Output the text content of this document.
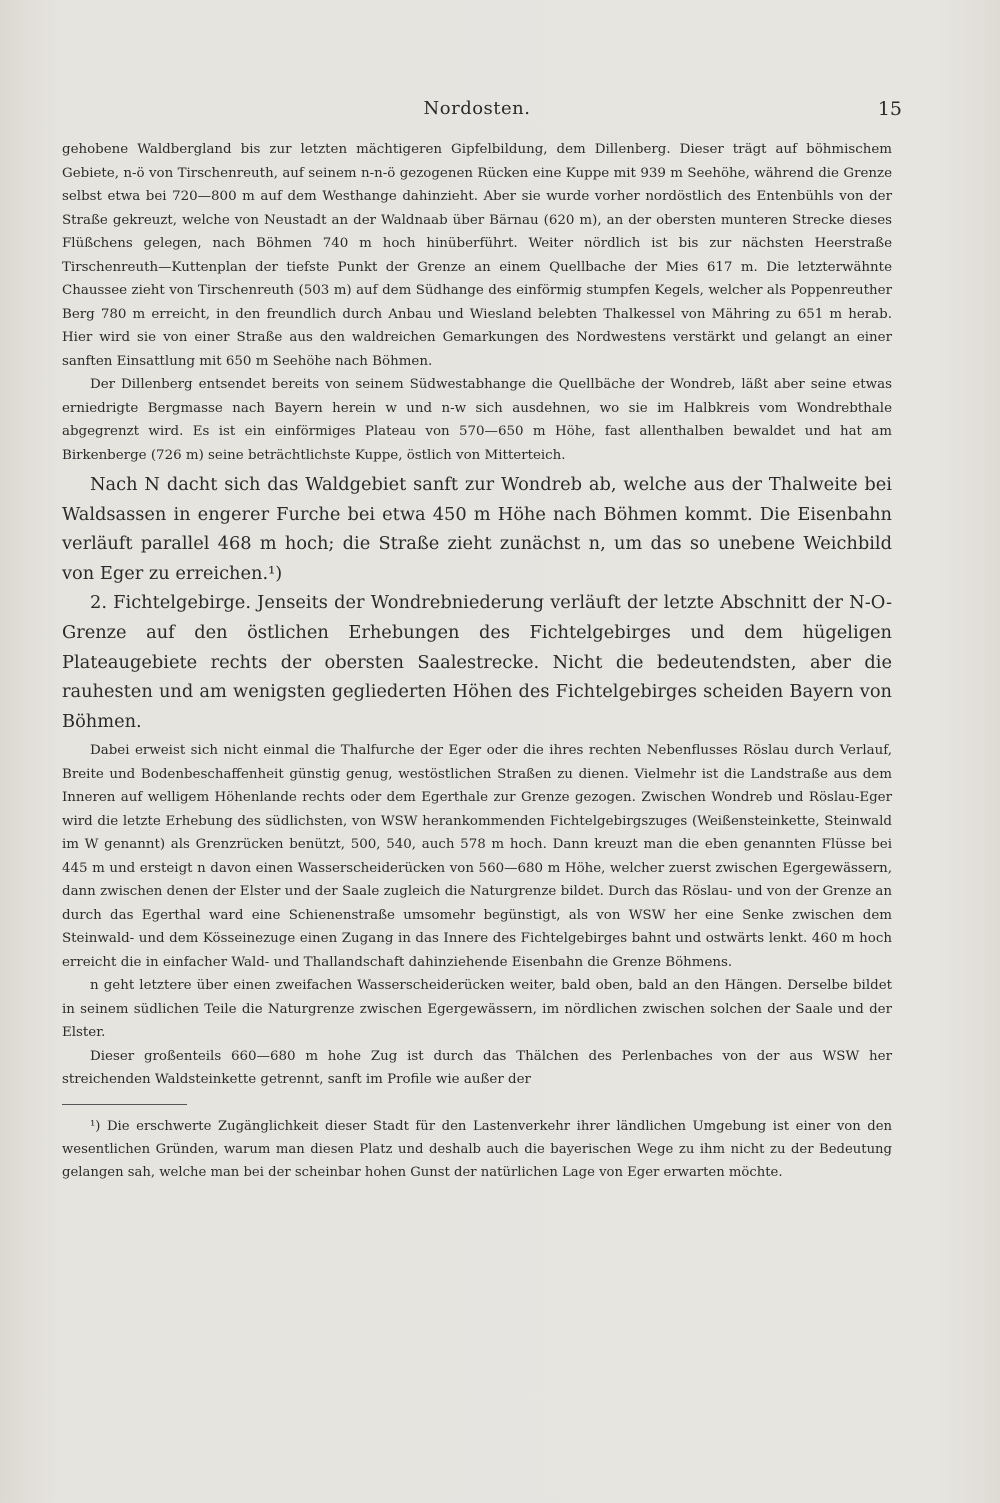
Nordosten.	15

gehobene Waldbergland bis zur letzten mächtigeren Gipfelbildung, dem Dillenberg. Dieser trägt auf böhmischem Gebiete, n-ö von Tirschenreuth, auf seinem n-n-ö gezogenen Rücken eine Kuppe mit 939 m Seehöhe, während die Grenze selbst etwa bei 720—800 m auf dem Westhange dahinzieht. Aber sie wurde vorher nordöstlich des Entenbühls von der Straße gekreuzt, welche von Neustadt an der Waldnaab über Bärnau (620 m), an der obersten munteren Strecke dieses Flüßchens gelegen, nach Böhmen 740 m hoch hinüberführt. Weiter nördlich ist bis zur nächsten Heerstraße Tirschenreuth—Kuttenplan der tiefste Punkt der Grenze an einem Quellbache der Mies 617 m. Die letzterwähnte Chaussee zieht von Tirschenreuth (503 m) auf dem Südhange des einförmig stumpfen Kegels, welcher als Poppenreuther Berg 780 m erreicht, in den freundlich durch Anbau und Wiesland belebten Thalkessel von Mähring zu 651 m herab. Hier wird sie von einer Straße aus den waldreichen Gemarkungen des Nordwestens verstärkt und gelangt an einer sanften Einsattlung mit 650 m Seehöhe nach Böhmen.

Der Dillenberg entsendet bereits von seinem Südwestabhange die Quellbäche der Wondreb, läßt aber seine etwas erniedrigte Bergmasse nach Bayern herein w und n-w sich ausdehnen, wo sie im Halbkreis vom Wondrebthale abgegrenzt wird. Es ist ein einförmiges Plateau von 570—650 m Höhe, fast allenthalben bewaldet und hat am Birkenberge (726 m) seine beträchtlichste Kuppe, östlich von Mitterteich.

Nach N dacht sich das Waldgebiet sanft zur Wondreb ab, welche aus der Thalweite bei Waldsassen in engerer Furche bei etwa 450 m Höhe nach Böhmen kommt. Die Eisenbahn verläuft parallel 468 m hoch; die Straße zieht zunächst n, um das so unebene Weichbild von Eger zu erreichen.¹)

2. Fichtelgebirge. Jenseits der Wondrebniederung verläuft der letzte Abschnitt der N-O-Grenze auf den östlichen Erhebungen des Fichtelgebirges und dem hügeligen Plateaugebiete rechts der obersten Saalestrecke. Nicht die bedeutendsten, aber die rauhesten und am wenigsten gegliederten Höhen des Fichtelgebirges scheiden Bayern von Böhmen.

Dabei erweist sich nicht einmal die Thalfurche der Eger oder die ihres rechten Nebenflusses Röslau durch Verlauf, Breite und Bodenbeschaffenheit günstig genug, westöstlichen Straßen zu dienen. Vielmehr ist die Landstraße aus dem Inneren auf welligem Höhenlande rechts oder dem Egerthale zur Grenze gezogen. Zwischen Wondreb und Röslau-Eger wird die letzte Erhebung des südlichsten, von WSW herankommenden Fichtelgebirgszuges (Weißensteinkette, Steinwald im W genannt) als Grenzrücken benützt, 500, 540, auch 578 m hoch. Dann kreuzt man die eben genannten Flüsse bei 445 m und ersteigt n davon einen Wasserscheiderücken von 560—680 m Höhe, welcher zuerst zwischen Egergewässern, dann zwischen denen der Elster und der Saale zugleich die Naturgrenze bildet. Durch das Röslau- und von der Grenze an durch das Egerthal ward eine Schienenstraße umsomehr begünstigt, als von WSW her eine Senke zwischen dem Steinwald- und dem Kösseinezuge einen Zugang in das Innere des Fichtelgebirges bahnt und ostwärts lenkt. 460 m hoch erreicht die in einfacher Wald- und Thallandschaft dahinziehende Eisenbahn die Grenze Böhmens.

n geht letztere über einen zweifachen Wasserscheiderücken weiter, bald oben, bald an den Hängen. Derselbe bildet in seinem südlichen Teile die Naturgrenze zwischen Egergewässern, im nördlichen zwischen solchen der Saale und der Elster.

Dieser großenteils 660—680 m hohe Zug ist durch das Thälchen des Perlenbaches von der aus WSW her streichenden Waldsteinkette getrennt, sanft im Profile wie außer der

¹) Die erschwerte Zugänglichkeit dieser Stadt für den Lastenverkehr ihrer ländlichen Umgebung ist einer von den wesentlichen Gründen, warum man diesen Platz und deshalb auch die bayerischen Wege zu ihm nicht zu der Bedeutung gelangen sah, welche man bei der scheinbar hohen Gunst der natürlichen Lage von Eger erwarten möchte.
